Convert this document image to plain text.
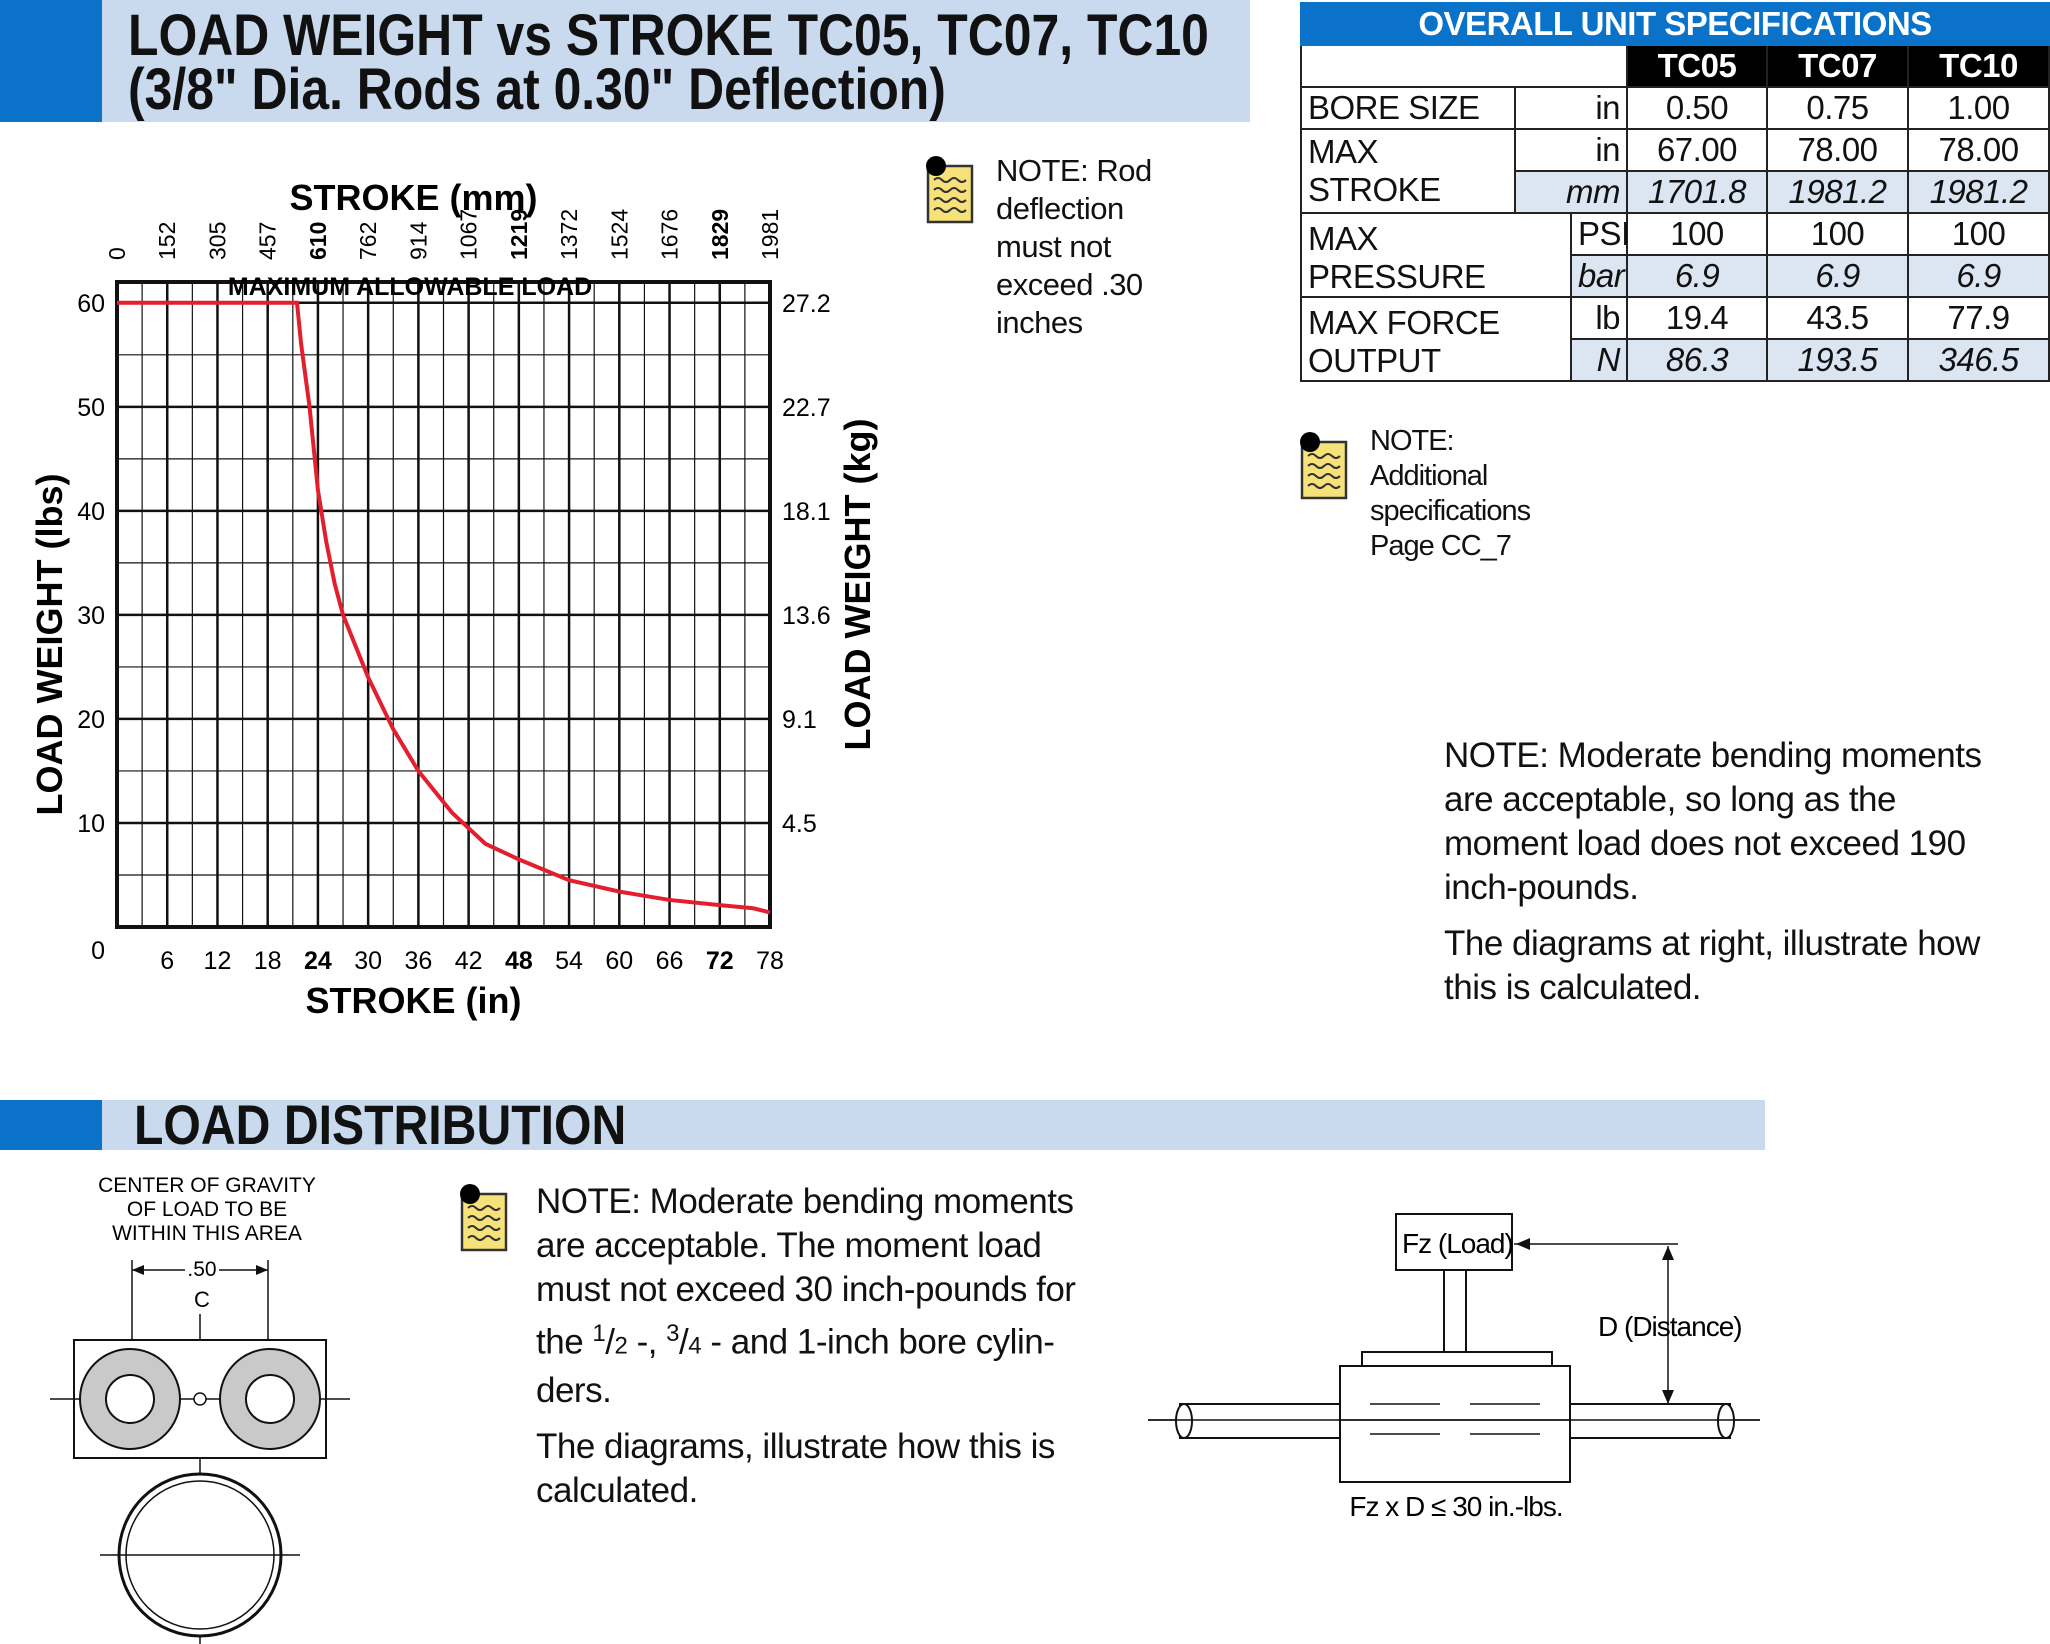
LOAD WEIGHT vs STROKE TC05, TC07, TC10
(3/8" Dia. Rods at 0.30" Deflection)
6 12 18 24 30 36 42 48 54 60 66 72 78
0
0 152 305 457 610 762 914 1067 1219 1372 1524 1676 1829 1981
10
20
30
40
50
60
4.5
9.1
13.6
18.1
22.7
27.2
MAXIMUM ALLOWABLE LOAD
STROKE (in)
STROKE (mm)
LOAD WEIGHT (lbs)	LOAD WEIGHT (kg)
NOTE: Rod deflection must not exceed .30 inches
OVERALL UNIT SPECIFICATIONS					
			TC05	TC07	TC10
BORE SIZE	in		0.50	0.75	1.00
MAX STROKE	in		67.00	78.00	78.00
	mm		1701.8	1981.2	1981.2
MAX
PRESSURE		PSI	100	100	100
		bar	6.9	6.9	6.9
MAX FORCE
OUTPUT		lb	19.4	43.5	77.9
		N	86.3	193.5	346.5
NOTE: Additional specifications Page CC_7
NOTE: Moderate bending moments are acceptable, so long as the moment load does not exceed 190 inch-pounds.
The diagrams at right, illustrate how this is calculated.
LOAD DISTRIBUTION
CENTER OF GRAVITY
OF LOAD TO BE
WITHIN THIS AREA
.50
C
NOTE: Moderate bending moments
are acceptable. The moment load
must not exceed 30 inch-pounds for
the $^1$/2 -, $^3$/4 - and 1-inch bore cylin-
ders.
The diagrams, illustrate how this is
calculated.
Fz (Load)
D (Distance)
Fz x D ≤ 30 in.-lbs.
